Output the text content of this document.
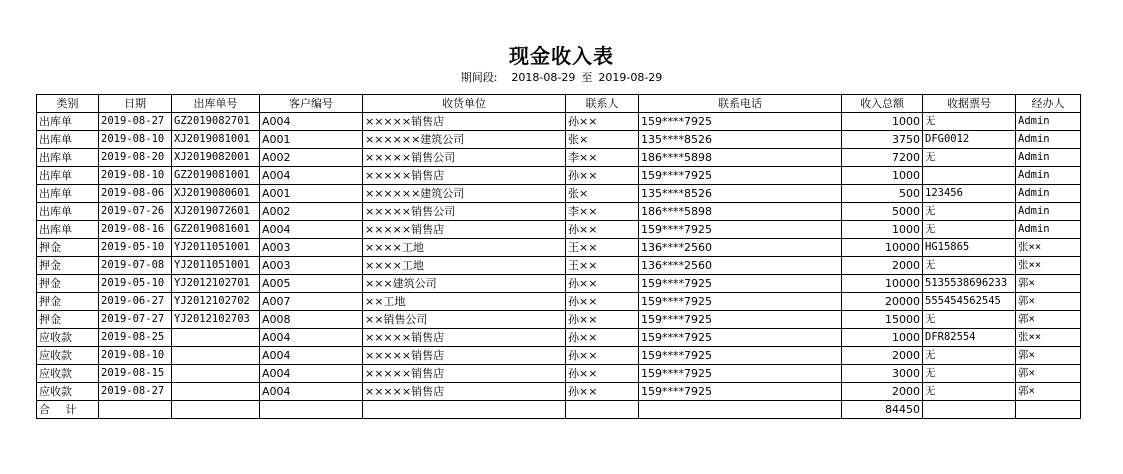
现金收入表
期间段: 2018-08-29 至 2019-08-29
类别	日期	出库单号	客户编号	收货单位	联系人	联系电话	收入总额	收据票号	经办人
出库单	2019-08-27	GZ2019082701	A004	×××××销售店	孙××	159****7925	1000	无	Admin
出库单	2019-08-10	XJ2019081001	A001	××××××建筑公司	张×	135****8526	3750	DFG0012	Admin
出库单	2019-08-20	XJ2019082001	A002	×××××销售公司	李××	186****5898	7200	无	Admin
出库单	2019-08-10	GZ2019081001	A004	×××××销售店	孙××	159****7925	1000		Admin
出库单	2019-08-06	XJ2019080601	A001	××××××建筑公司	张×	135****8526	500	123456	Admin
出库单	2019-07-26	XJ2019072601	A002	×××××销售公司	李××	186****5898	5000	无	Admin
出库单	2019-08-16	GZ2019081601	A004	×××××销售店	孙××	159****7925	1000	无	Admin
押金	2019-05-10	YJ2011051001	A003	××××工地	王××	136****2560	10000	HG15865	张××
押金	2019-07-08	YJ2011051001	A003	××××工地	王××	136****2560	2000	无	张××
押金	2019-05-10	YJ2012102701	A005	×××建筑公司	孙××	159****7925	10000	5135538696233	郭×
押金	2019-06-27	YJ2012102702	A007	××工地	孙××	159****7925	20000	555454562545	郭×
押金	2019-07-27	YJ2012102703	A008	××销售公司	孙××	159****7925	15000	无	郭×
应收款	2019-08-25		A004	×××××销售店	孙××	159****7925	1000	DFR82554	张××
应收款	2019-08-10		A004	×××××销售店	孙××	159****7925	2000	无	郭×
应收款	2019-08-15		A004	×××××销售店	孙××	159****7925	3000	无	郭×
应收款	2019-08-27		A004	×××××销售店	孙××	159****7925	2000	无	郭×
合 计							84450		
